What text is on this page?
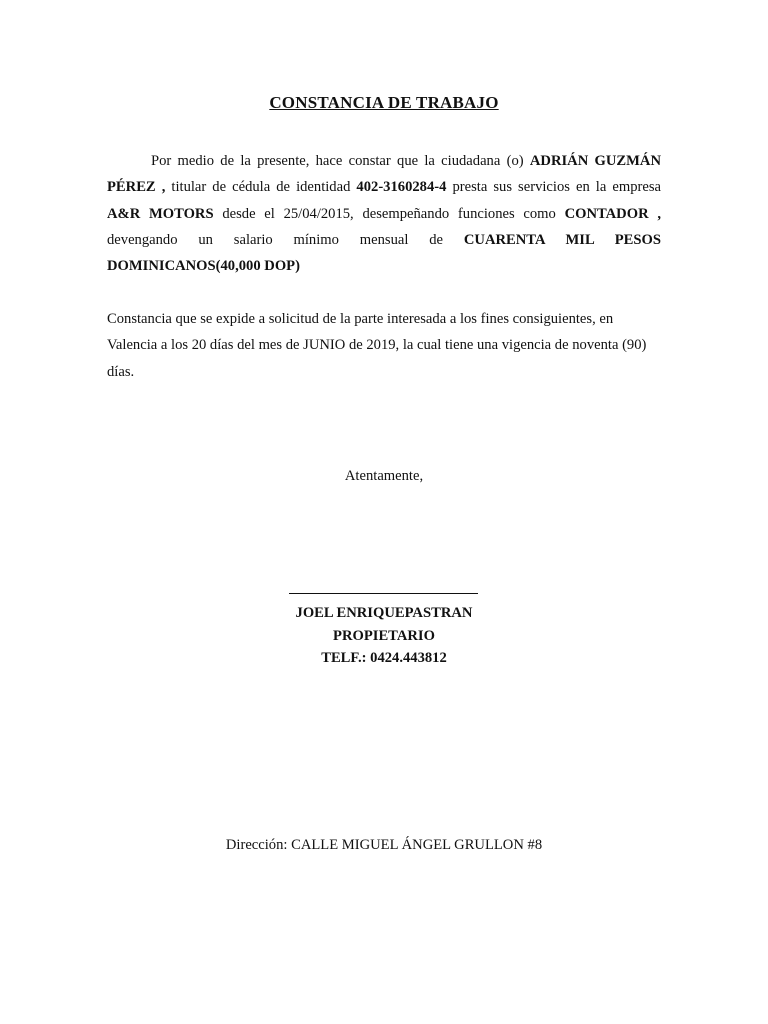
CONSTANCIA DE TRABAJO
Por medio de la presente, hace constar que la ciudadana (o) ADRIÁN GUZMÁN PÉREZ , titular de cédula de identidad 402-3160284-4 presta sus servicios en la empresa A&R MOTORS desde el 25/04/2015, desempeñando funciones como CONTADOR , devengando un salario mínimo mensual de CUARENTA MIL PESOS DOMINICANOS(40,000 DOP)
Constancia que se expide a solicitud de la parte interesada a los fines consiguientes, en Valencia a los 20 días del mes de JUNIO de 2019, la cual tiene una vigencia de noventa (90) días.
Atentamente,
JOEL ENRIQUEPASTRAN
PROPIETARIO
TELF.: 0424.443812
Dirección: CALLE MIGUEL ÁNGEL GRULLON #8
